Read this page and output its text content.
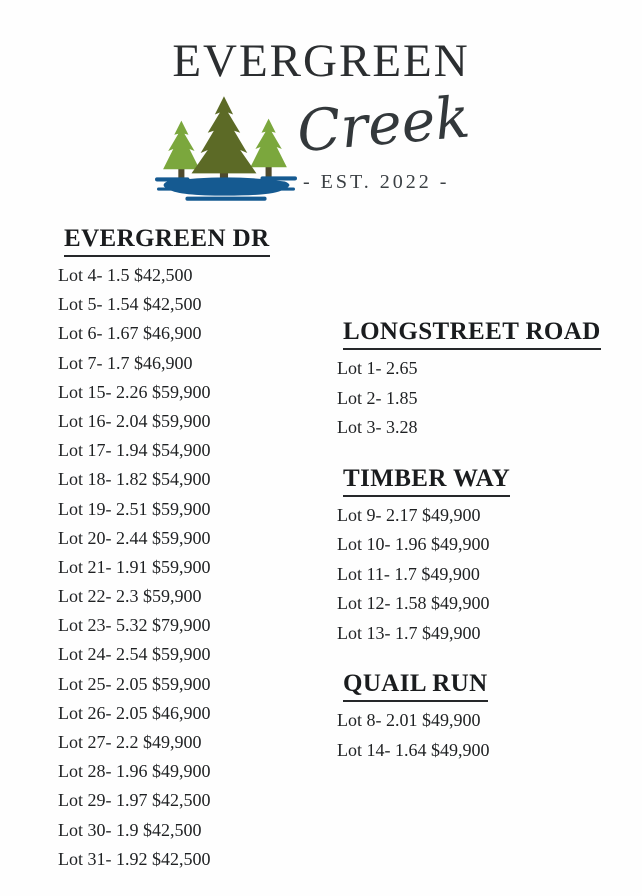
EVERGREEN
Creek
- EST. 2022 -
EVERGREEN DR
Lot 4- 1.5 $42,500
Lot 5- 1.54 $42,500
Lot 6- 1.67 $46,900
Lot 7- 1.7 $46,900
Lot 15- 2.26 $59,900
Lot 16- 2.04 $59,900
Lot 17- 1.94 $54,900
Lot 18- 1.82 $54,900
Lot 19- 2.51 $59,900
Lot 20- 2.44 $59,900
Lot 21- 1.91 $59,900
Lot 22- 2.3 $59,900
Lot 23- 5.32 $79,900
Lot 24- 2.54 $59,900
Lot 25- 2.05 $59,900
Lot 26- 2.05 $46,900
Lot 27- 2.2 $49,900
Lot 28- 1.96 $49,900
Lot 29- 1.97 $42,500
Lot 30- 1.9 $42,500
Lot 31- 1.92 $42,500
LONGSTREET ROAD
Lot 1- 2.65
Lot 2- 1.85
Lot 3- 3.28
TIMBER WAY
Lot 9- 2.17 $49,900
Lot 10- 1.96 $49,900
Lot 11- 1.7 $49,900
Lot 12- 1.58 $49,900
Lot 13- 1.7 $49,900
QUAIL RUN
Lot 8- 2.01 $49,900
Lot 14- 1.64 $49,900
